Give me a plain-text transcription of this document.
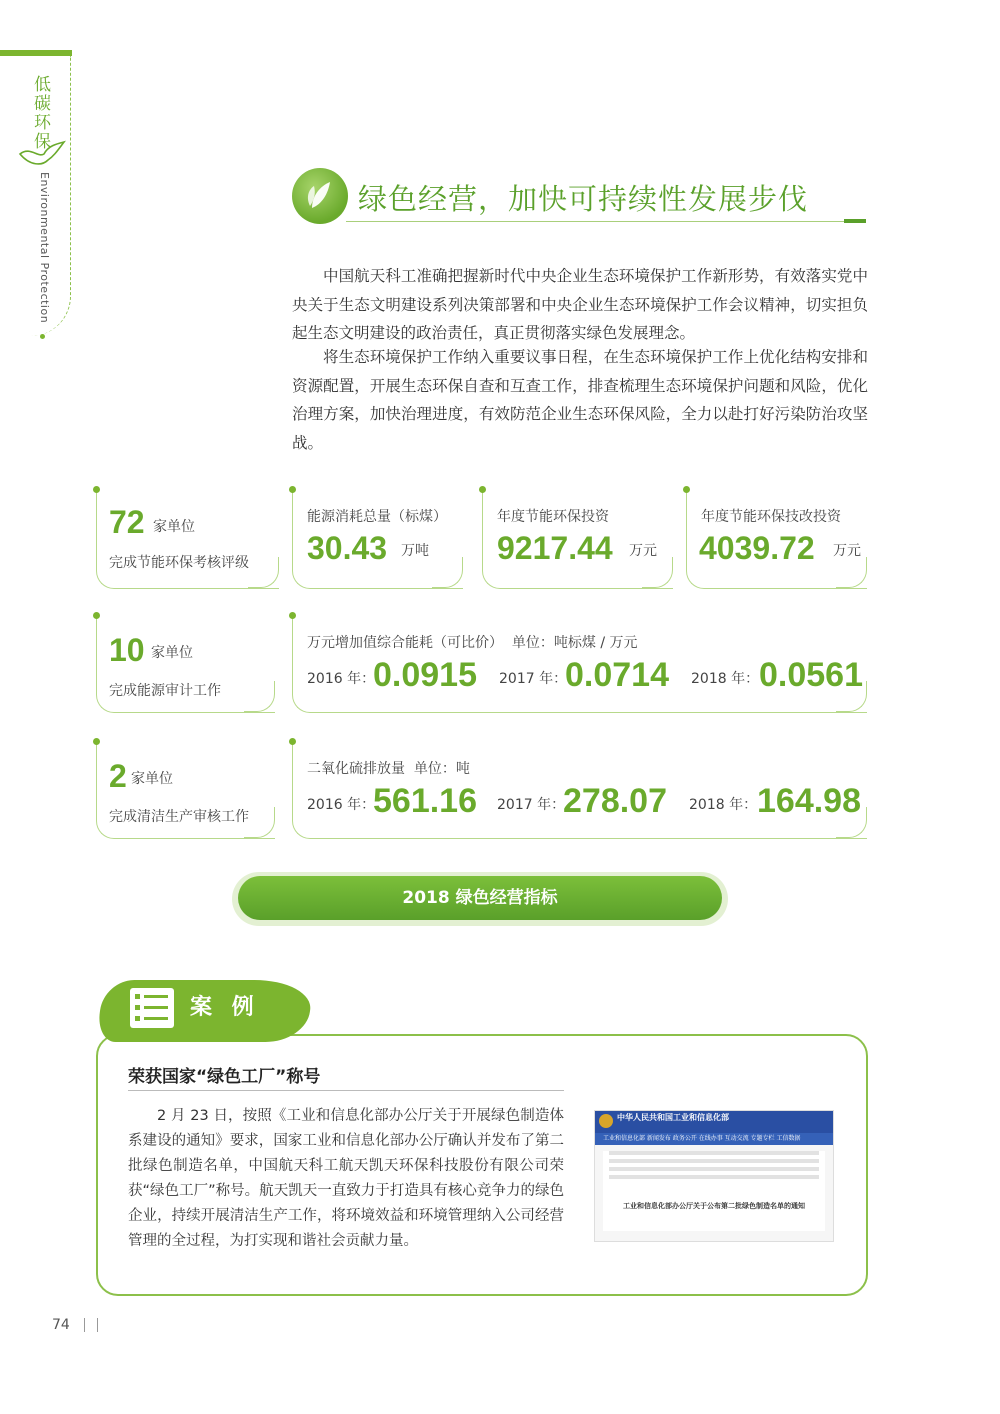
低碳环保
Environmental Protection	绿色经营，加快可持续性发展步伐

中国航天科工准确把握新时代中央企业生态环境保护工作新形势，有效落实党中央关于生态文明建设系列决策部署和中央企业生态环境保护工作会议精神，切实担负起生态文明建设的政治责任，真正贯彻落实绿色发展理念。

将生态环境保护工作纳入重要议事日程，在生态环境保护工作上优化结构安排和资源配置，开展生态环保自查和互查工作，排查梳理生态环境保护问题和风险，优化治理方案，加快治理进度，有效防范企业生态环保风险，全力以赴打好污染防治攻坚战。

72 家单位
完成节能环保考核评级
能源消耗总量（标煤）
30.43 万吨
年度节能环保投资
9217.44 万元
年度节能环保技改投资
4039.72 万元
10 家单位
完成能源审计工作
万元增加值综合能耗（可比价）  单位：吨标煤 / 万元
2016 年：
0.0915 2017 年：
0.0714 2018 年： 0.0561
2 家单位
完成清洁生产审核工作
二氧化硫排放量  单位：吨
2016 年：
561.16 2017 年：
278.07 2018 年： 164.98
2018 绿色经营指标
案 例
荣获国家“绿色工厂”称号

2 月 23 日，按照《工业和信息化部办公厅关于开展绿色制造体系建设的通知》要求，国家工业和信息化部办公厅确认并发布了第二批绿色制造名单，中国航天科工航天凯天环保科技股份有限公司荣获“绿色工厂”称号。航天凯天一直致力于打造具有核心竞争力的绿色企业，持续开展清洁生产工作，将环境效益和环境管理纳入公司经营管理的全过程，为打实现和谐社会贡献力量。

中华人民共和国工业和信息化部
工业和信息化部 新闻发布 政务公开 在线办事 互动交流 专题专栏 工信数据
工业和信息化部办公厅关于公布第二批绿色制造名单的通知
74
